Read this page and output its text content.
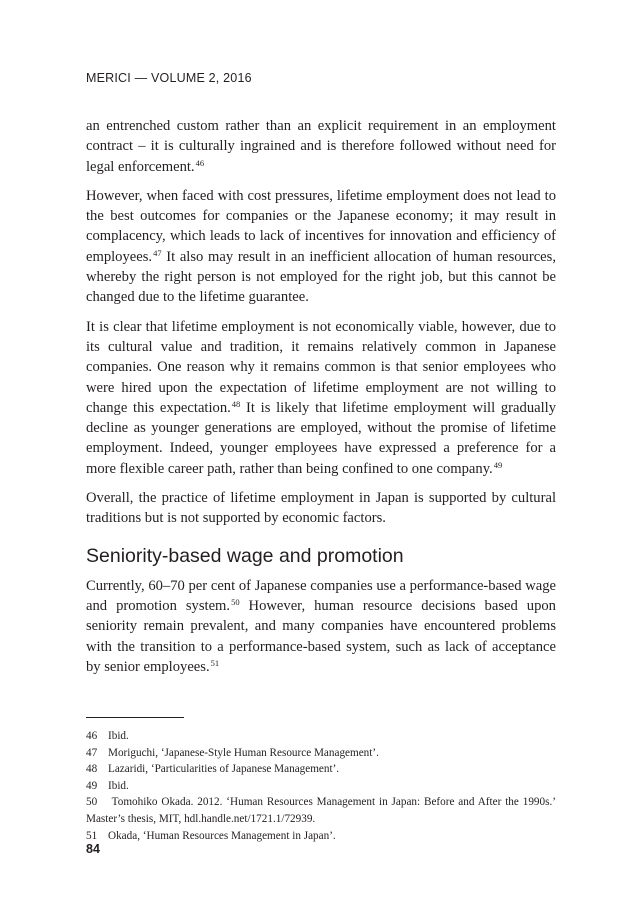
MERICI — VOLUME 2, 2016

an entrenched custom rather than an explicit requirement in an employment contract – it is culturally ingrained and is therefore followed without need for legal enforcement.$^{46}$

However, when faced with cost pressures, lifetime employment does not lead to the best outcomes for companies or the Japanese economy; it may result in complacency, which leads to lack of incentives for innovation and efficiency of employees.$^{47}$ It also may result in an inefficient allocation of human resources, whereby the right person is not employed for the right job, but this cannot be changed due to the lifetime guarantee.

It is clear that lifetime employment is not economically viable, however, due to its cultural value and tradition, it remains relatively common in Japanese companies. One reason why it remains common is that senior employees who were hired upon the expectation of lifetime employment are not willing to change this expectation.$^{48}$ It is likely that lifetime employment will gradually decline as younger generations are employed, without the promise of lifetime employment. Indeed, younger employees have expressed a preference for a more flexible career path, rather than being confined to one company.$^{49}$

Overall, the practice of lifetime employment in Japan is supported by cultural traditions but is not supported by economic factors.

Seniority-based wage and promotion

Currently, 60–70 per cent of Japanese companies use a performance-based wage and promotion system.$^{50}$ However, human resource decisions based upon seniority remain prevalent, and many companies have encountered problems with the transition to a performance-based system, such as lack of acceptance by senior employees.$^{51}$

46 Ibid.

47 Moriguchi, ‘Japanese-Style Human Resource Management’.

48 Lazaridi, ‘Particularities of Japanese Management’.

49 Ibid.

50 Tomohiko Okada. 2012. ‘Human Resources Management in Japan: Before and After the 1990s.’ Master’s thesis, MIT, hdl.handle.net/1721.1/72939.

51 Okada, ‘Human Resources Management in Japan’.

84
